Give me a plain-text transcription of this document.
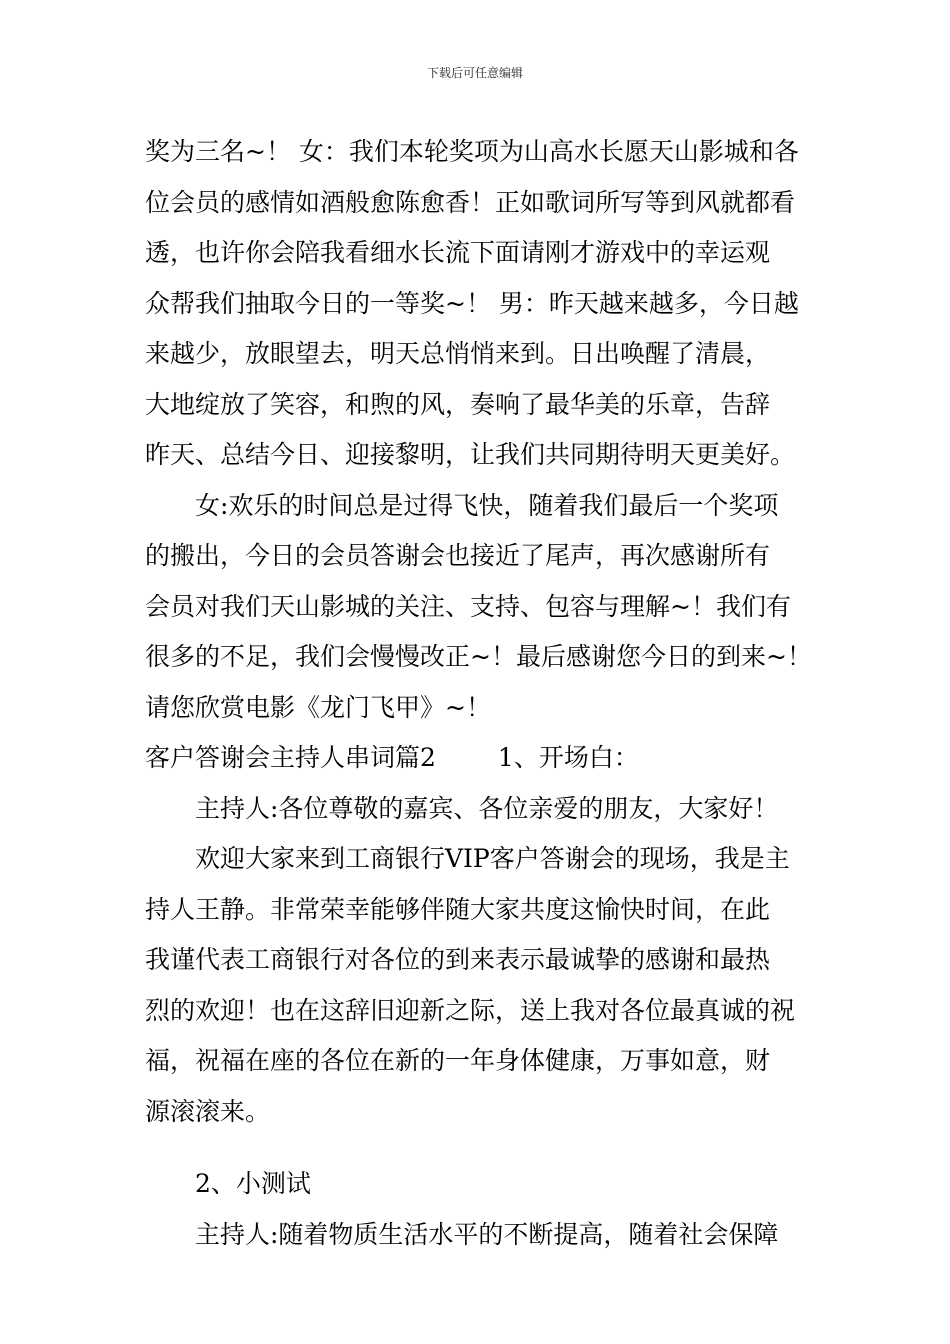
下载后可任意编辑
奖为三名~！ 女：我们本轮奖项为山高水长愿天山影城和各
位会员的感情如酒般愈陈愈香！正如歌词所写等到风就都看
透，也许你会陪我看细水长流下面请刚才游戏中的幸运观
众帮我们抽取今日的一等奖~！ 男：昨天越来越多，今日越
来越少，放眼望去，明天总悄悄来到。日出唤醒了清晨，
大地绽放了笑容，和煦的风，奏响了最华美的乐章，告辞
昨天、总结今日、迎接黎明，让我们共同期待明天更美好。
女:欢乐的时间总是过得飞快，随着我们最后一个奖项
的搬出，今日的会员答谢会也接近了尾声，再次感谢所有
会员对我们天山影城的关注、支持、包容与理解~！我们有
很多的不足，我们会慢慢改正~！最后感谢您今日的到来~！
请您欣赏电影《龙门飞甲》~！
客户答谢会主持人串词篇2 1、开场白：
主持人:各位尊敬的嘉宾、各位亲爱的朋友，大家好！
欢迎大家来到工商银行VIP客户答谢会的现场，我是主
持人王静。非常荣幸能够伴随大家共度这愉快时间，在此
我谨代表工商银行对各位的到来表示最诚挚的感谢和最热
烈的欢迎！也在这辞旧迎新之际，送上我对各位最真诚的祝
福，祝福在座的各位在新的一年身体健康，万事如意，财
源滚滚来。
2、小测试
主持人:随着物质生活水平的不断提高，随着社会保障
